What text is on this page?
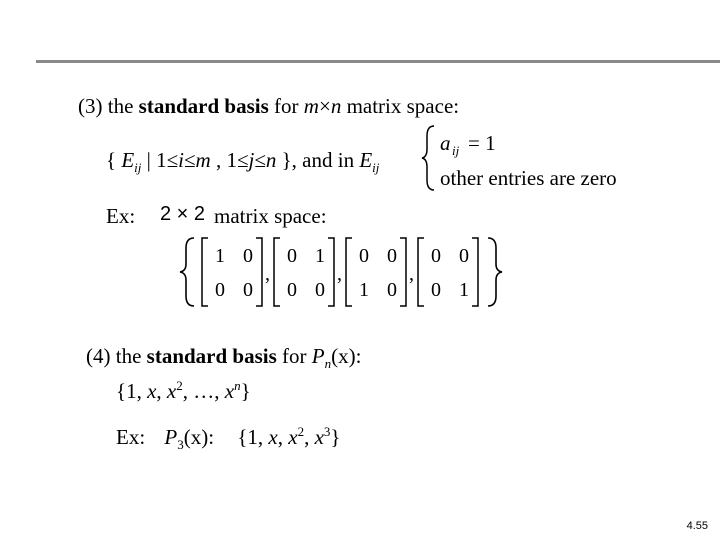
(3) the standard basis for m×n matrix space:
{ $E_{ij}$ | 1≤i≤m , 1≤j≤n }, and in $E_{ij}$
a ij = 1
other entries are zero
Ex: 2 × 2 matrix space:
1 0
0 0
,
0 1
0 0
,
0 0
1 0
,
0 0
0 1
(4) the standard basis for $P_n(x)$:
{1, x, $x^2$, …, $x^n$}
Ex: $P_3(x)$: {1, x, $x^2$, $x^3$}
4.55
